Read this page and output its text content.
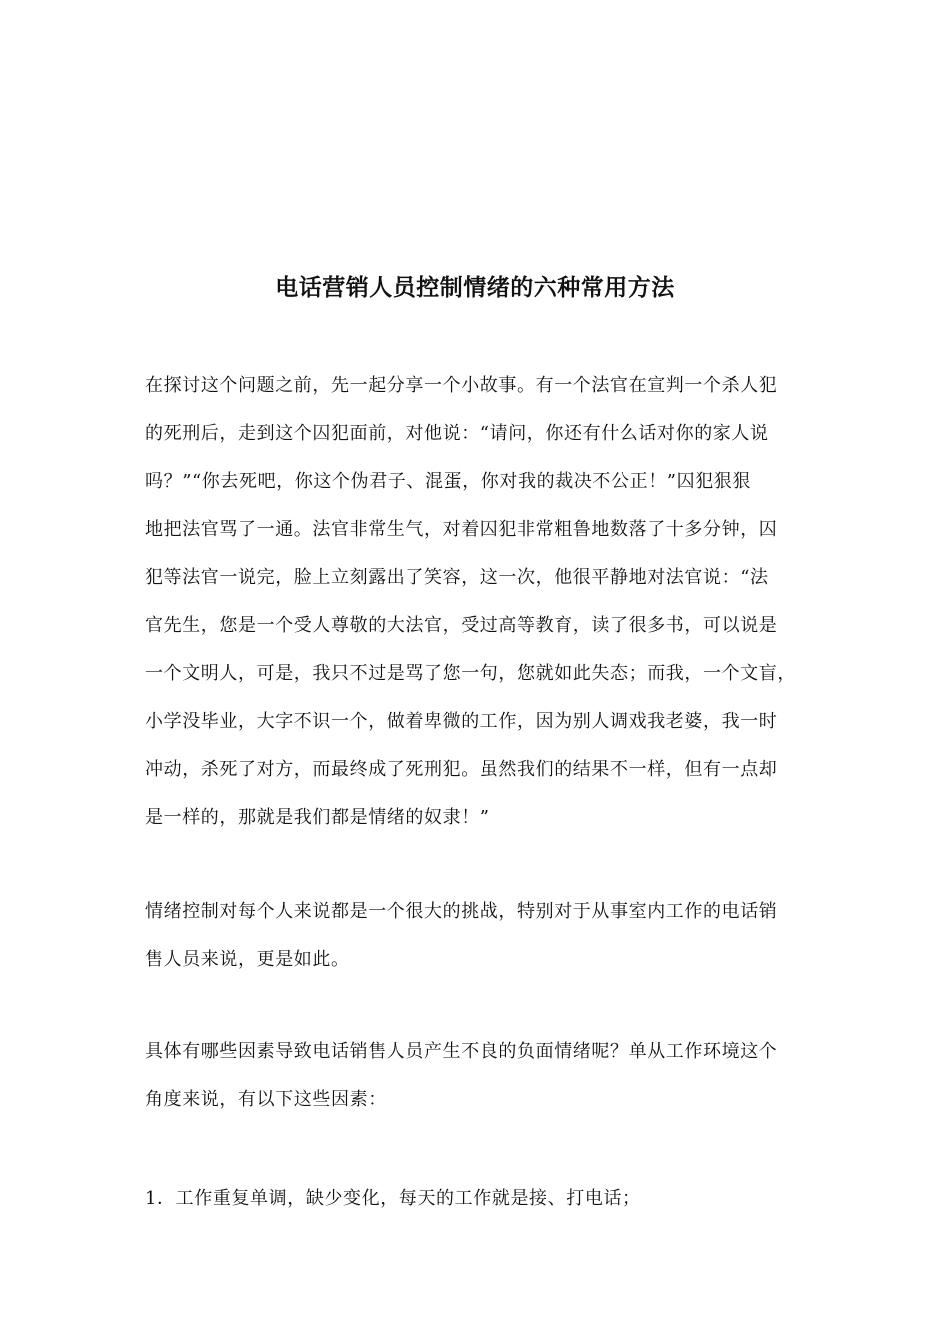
电话营销人员控制情绪的六种常用方法
在探讨这个问题之前，先一起分享一个小故事。有一个法官在宣判一个杀人犯
的死刑后，走到这个囚犯面前，对他说：“请问，你还有什么话对你的家人说
吗？”“你去死吧，你这个伪君子、混蛋，你对我的裁决不公正！”囚犯狠狠
地把法官骂了一通。法官非常生气，对着囚犯非常粗鲁地数落了十多分钟，囚
犯等法官一说完，脸上立刻露出了笑容，这一次，他很平静地对法官说：“法
官先生，您是一个受人尊敬的大法官，受过高等教育，读了很多书，可以说是
一个文明人，可是，我只不过是骂了您一句，您就如此失态；而我，一个文盲，
小学没毕业，大字不识一个，做着卑微的工作，因为别人调戏我老婆，我一时
冲动，杀死了对方，而最终成了死刑犯。虽然我们的结果不一样，但有一点却
是一样的，那就是我们都是情绪的奴隶！”
情绪控制对每个人来说都是一个很大的挑战，特别对于从事室内工作的电话销
售人员来说，更是如此。
具体有哪些因素导致电话销售人员产生不良的负面情绪呢？单从工作环境这个
角度来说，有以下这些因素：
1．工作重复单调，缺少变化，每天的工作就是接、打电话；
